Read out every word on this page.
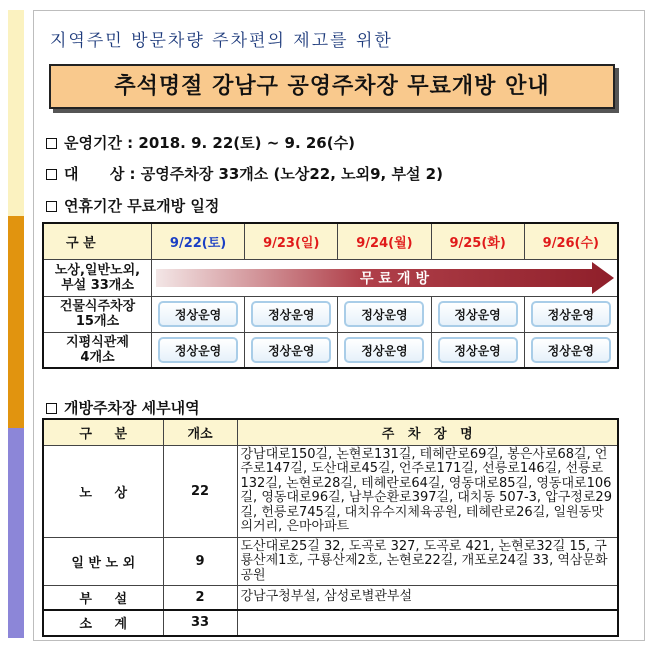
지역주민 방문차량 주차편의 제고를 위한
추석명절 강남구 공영주차장 무료개방 안내
운영기간 : 2018. 9. 22(토) ~ 9. 26(수)
대      상 : 공영주차장 33개소 (노상22, 노외9, 부설 2)
연휴기간 무료개방 일정
구 분	9/22(토)	9/23(일)	9/24(월)	9/25(화)	9/26(수)
노상,일반노외,
부설 33개소	무료개방				

건물식주차장
15개소	정상운영	정상운영	정상운영	정상운영	정상운영

지평식관제
4개소	정상운영	정상운영	정상운영	정상운영	정상운영
개방주차장 세부내역
구     분	개소	주   차   장   명
노     상	22	강남대로150길, 논현로131길, 테헤란로69길, 봉은사로68길, 언주로147길, 도산대로45길, 언주로171길, 선릉로146길, 선릉로132길, 논현로28길, 테헤란로64길, 영동대로85길, 영동대로106길, 영동대로96길, 남부순환로397길, 대치동 507-3, 압구정로29길, 헌릉로745길, 대치유수지체육공원, 테헤란로26길, 일원동맛의거리, 은마아파트
일 반 노 외	9	도산대로25길 32, 도곡로 327, 도곡로 421, 논현로32길 15, 구룡산제1호, 구룡산제2호, 논현로22길, 개포로24길 33, 역삼문화공원
부     설	2	강남구청부설, 삼성로별관부설
소     계	33	
